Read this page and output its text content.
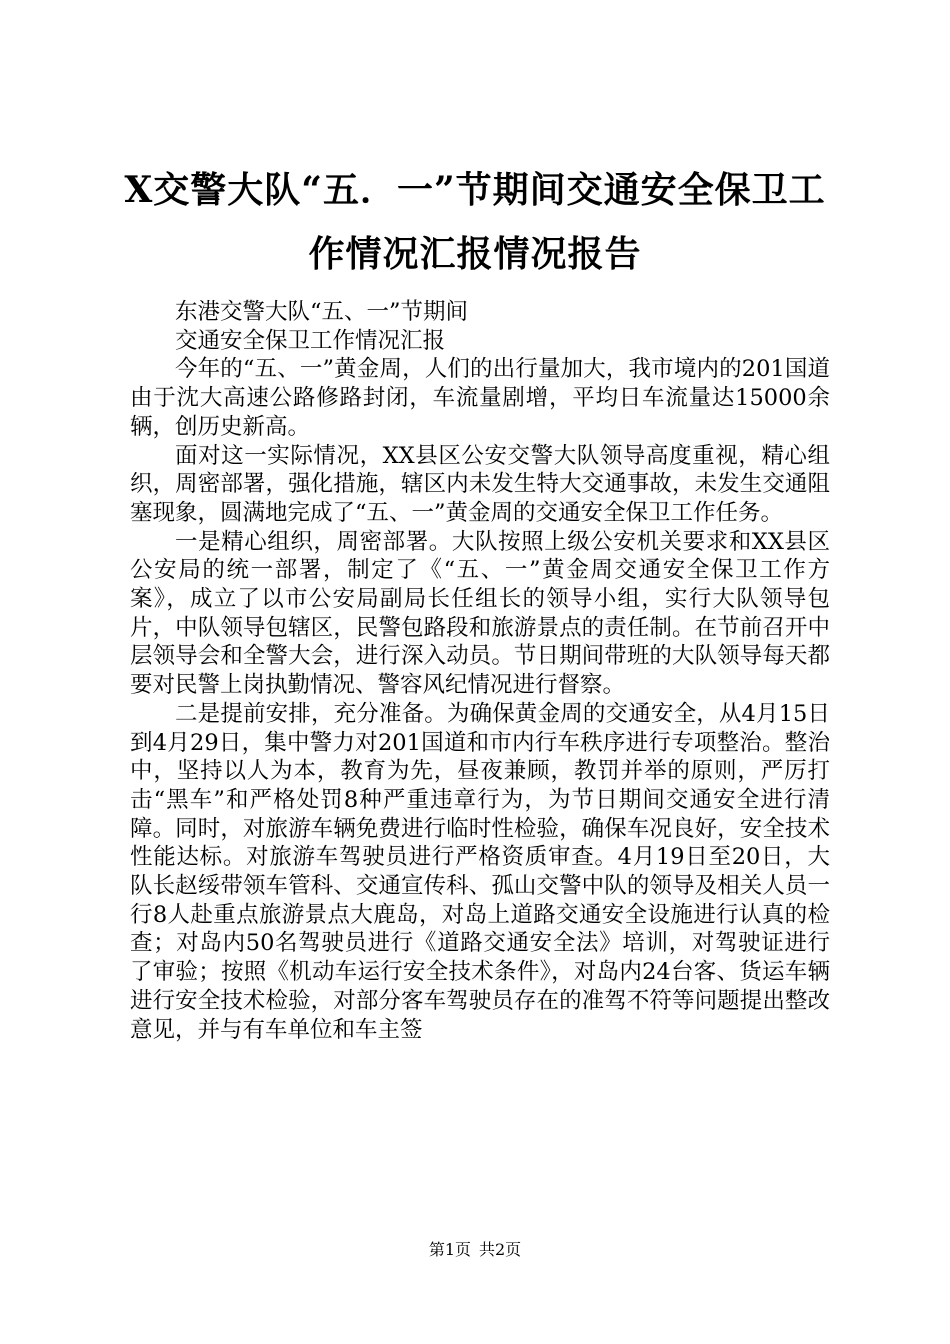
X交警大队“五．一”节期间交通安全保卫工
作情况汇报情况报告

东港交警大队“五、一”节期间

交通安全保卫工作情况汇报

今年的“五、一”黄金周，人们的出行量加大，我市境内的201国道由于沈大高速公路修路封闭，车流量剧增，平均日车流量达15000余辆，创历史新高。

面对这一实际情况，XX县区公安交警大队领导高度重视，精心组织，周密部署，强化措施，辖区内未发生特大交通事故，未发生交通阻塞现象，圆满地完成了“五、一”黄金周的交通安全保卫工作任务。

一是精心组织，周密部署。大队按照上级公安机关要求和XX县区公安局的统一部署，制定了《“五、一”黄金周交通安全保卫工作方案》，成立了以市公安局副局长任组长的领导小组，实行大队领导包片，中队领导包辖区，民警包路段和旅游景点的责任制。在节前召开中层领导会和全警大会，进行深入动员。节日期间带班的大队领导每天都要对民警上岗执勤情况、警容风纪情况进行督察。

二是提前安排，充分准备。为确保黄金周的交通安全，从4月15日到4月29日，集中警力对201国道和市内行车秩序进行专项整治。整治中，坚持以人为本，教育为先，昼夜兼顾，教罚并举的原则，严厉打击“黑车”和严格处罚8种严重违章行为，为节日期间交通安全进行清障。同时，对旅游车辆免费进行临时性检验，确保车况良好，安全技术性能达标。对旅游车驾驶员进行严格资质审查。4月19日至20日，大队长赵绥带领车管科、交通宣传科、孤山交警中队的领导及相关人员一行8人赴重点旅游景点大鹿岛，对岛上道路交通安全设施进行认真的检查；对岛内50名驾驶员进行《道路交通安全法》培训，对驾驶证进行了审验；按照《机动车运行安全技术条件》，对岛内24台客、货运车辆进行安全技术检验，对部分客车驾驶员存在的准驾不符等问题提出整改意见，并与有车单位和车主签

第1页 共2页
